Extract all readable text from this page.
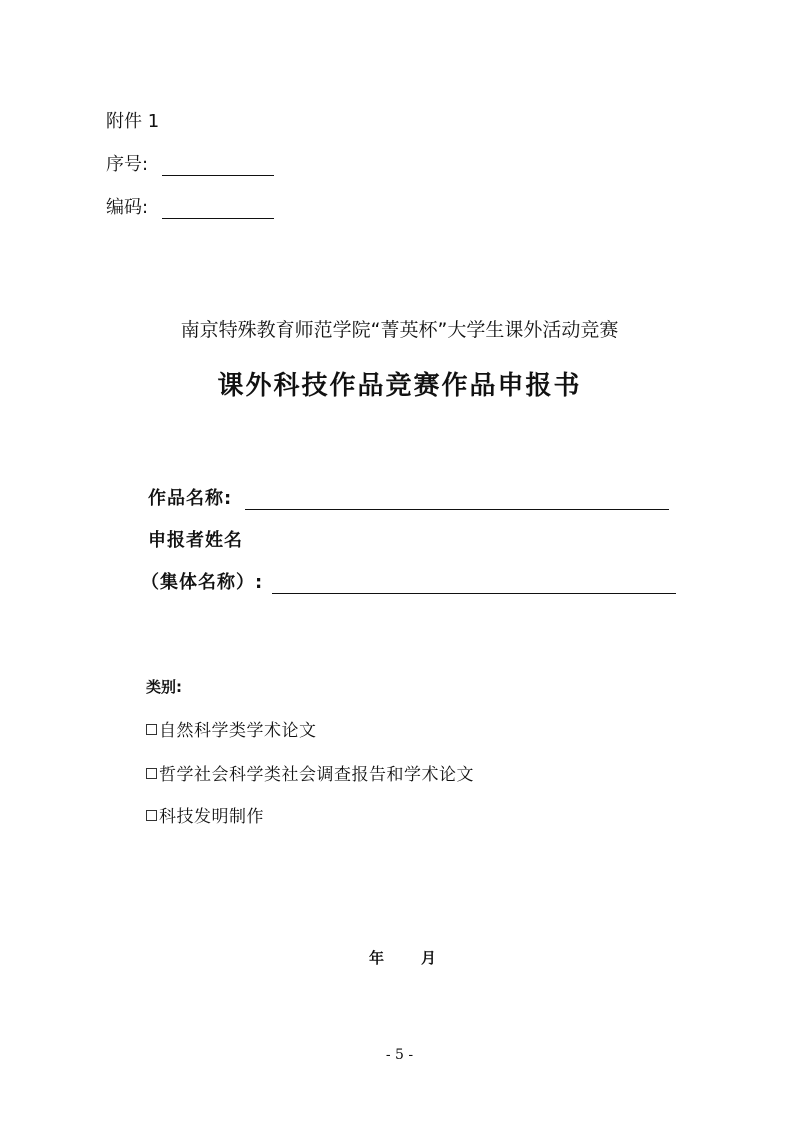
附件 1
序号:
编码:
南京特殊教育师范学院“菁英杯”大学生课外活动竞赛
课外科技作品竞赛作品申报书
作品名称:
申报者姓名
（集体名称）:
类别:
自然科学类学术论文
哲学社会科学类社会调查报告和学术论文
科技发明制作
年 月
- 5 -
